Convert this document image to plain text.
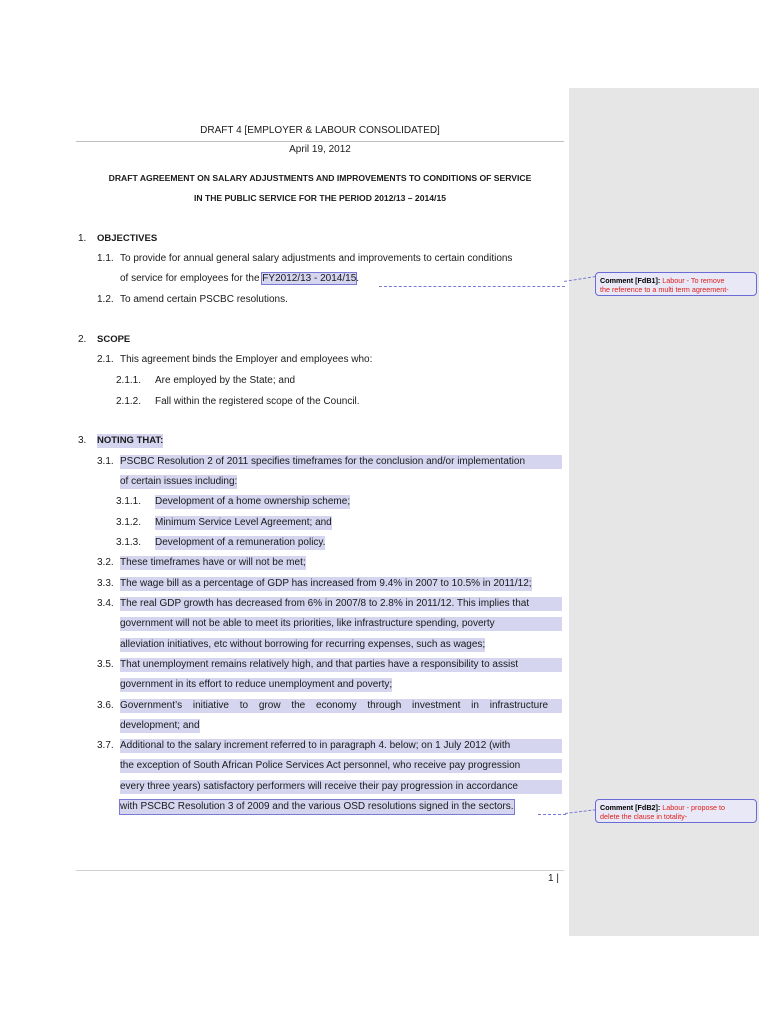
DRAFT 4 [EMPLOYER & LABOUR CONSOLIDATED]
April 19, 2012
DRAFT AGREEMENT ON SALARY ADJUSTMENTS AND IMPROVEMENTS TO CONDITIONS OF SERVICE
IN THE PUBLIC SERVICE FOR THE PERIOD 2012/13 – 2014/15
1. OBJECTIVES
1.1. To provide for annual general salary adjustments and improvements to certain conditions
of service for employees for the FY2012/13 - 2014/15.
1.2. To amend certain PSCBC resolutions.
2. SCOPE
2.1. This agreement binds the Employer and employees who:
2.1.1. Are employed by the State; and
2.1.2. Fall within the registered scope of the Council.
3. NOTING THAT:
3.1. PSCBC Resolution 2 of 2011 specifies timeframes for the conclusion and/or implementation
of certain issues including:
3.1.1. Development of a home ownership scheme;
3.1.2. Minimum Service Level Agreement; and
3.1.3. Development of a remuneration policy.
3.2. These timeframes have or will not be met;
3.3. The wage bill as a percentage of GDP has increased from 9.4% in 2007 to 10.5% in 2011/12;
3.4. The real GDP growth has decreased from 6% in 2007/8 to 2.8% in 2011/12. This implies that
government will not be able to meet its priorities, like infrastructure spending, poverty
alleviation initiatives, etc without borrowing for recurring expenses, such as wages;
3.5. That unemployment remains relatively high, and that parties have a responsibility to assist
government in its effort to reduce unemployment and poverty;
3.6. Government’s initiative to grow the economy through investment in infrastructure
development; and
3.7. Additional to the salary increment referred to in paragraph 4. below; on 1 July 2012 (with
the exception of South African Police Services Act personnel, who receive pay progression
every three years) satisfactory performers will receive their pay progression in accordance
with PSCBC Resolution 3 of 2009 and the various OSD resolutions signed in the sectors.
Comment [FdB1]: Labour - To remove
the reference to a multi term agreement-
Comment [FdB2]: Labour - propose to
delete the clause in totality-
1 |
